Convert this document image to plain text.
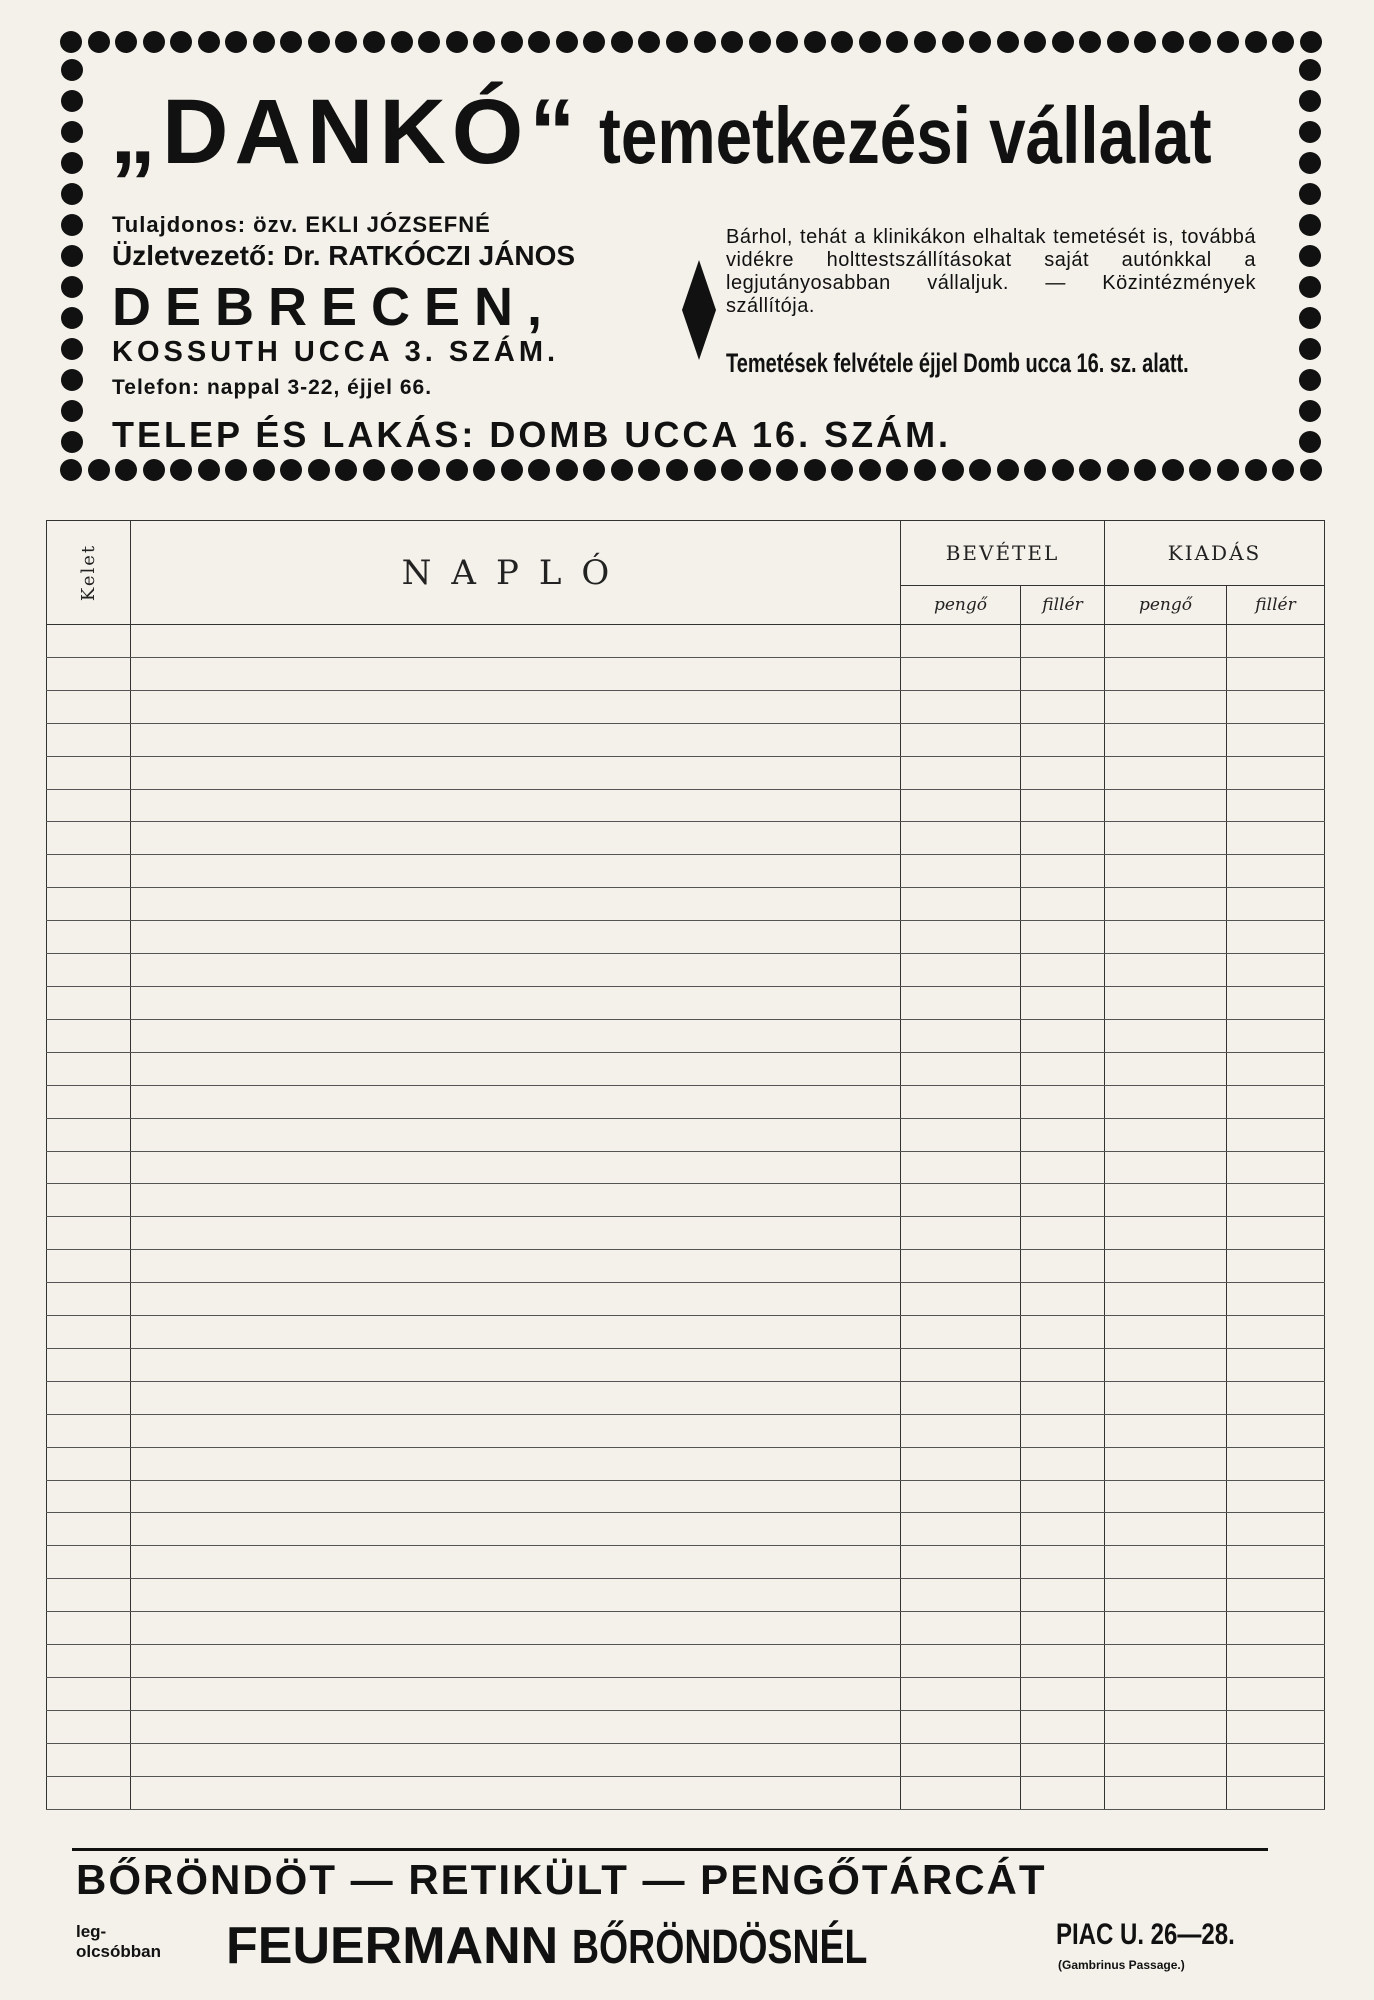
„DANKÓ“ temetkezési vállalat
Tulajdonos: özv. EKLI JÓZSEFNÉ
Üzletvezető: Dr. RATKÓCZI JÁNOS
DEBRECEN,
KOSSUTH UCCA 3. SZÁM.
Telefon: nappal 3-22, éjjel 66.
Bárhol, tehát a klinikákon elhaltak temetését is, továbbá vidékre holttestszállításokat saját autónkkal a legjutányosabban vállaljuk. — Közintézmények szállítója.
Temetések felvétele éjjel Domb ucca 16. sz. alatt.
TELEP ÉS LAKÁS: DOMB UCCA 16. SZÁM.
Kelet	NAPLÓ	BEVÉTEL		KIADÁS	
		pengő	fillér	pengő	fillér

BŐRÖNDÖT — RETIKÜLT — PENGŐTÁRCÁT
leg-
olcsóbban	FEUERMANN BŐRÖNDÖSNÉL	PIAC U. 26—28.
(Gambrinus Passage.)
